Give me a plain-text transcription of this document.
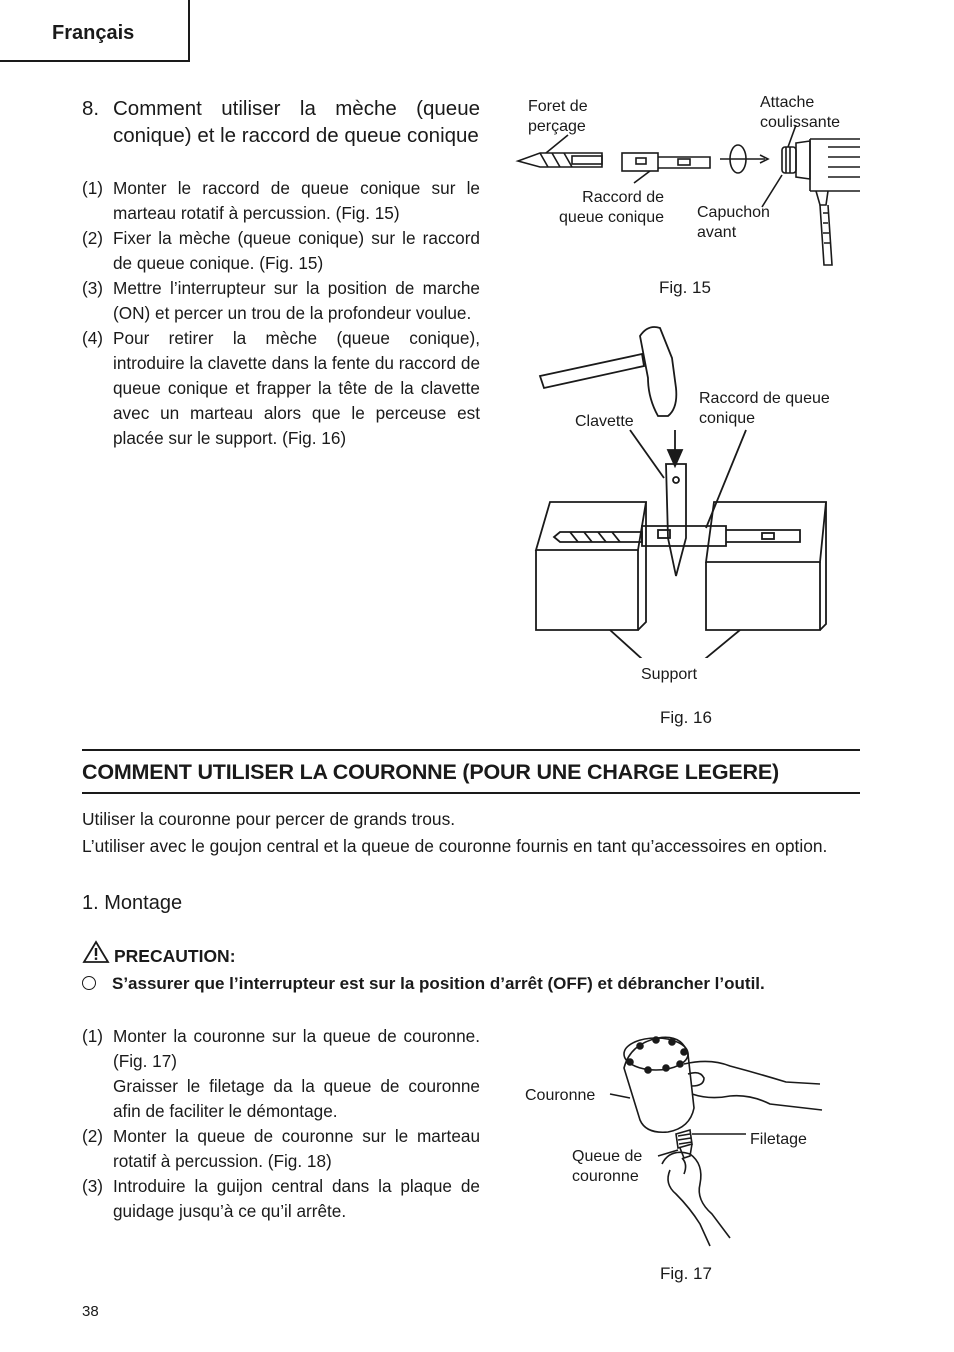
Français
8. Comment utiliser la mèche (queue conique) et le raccord de queue conique

(1) Monter le raccord de queue conique sur le marteau rotatif à percussion. (Fig. 15)

(2) Fixer la mèche (queue conique) sur le raccord de queue conique. (Fig. 15)

(3) Mettre l’interrupteur sur la position de marche (ON) et percer un trou de la profondeur voulue.

(4) Pour retirer la mèche (queue conique), introduire la clavette dans la fente du raccord de queue conique et frapper la tête de la clavette avec un marteau alors que le perceuse est placée sur le support. (Fig. 16)

Foret de
perçage
Attache
coulissante
Raccord de
queue conique Capuchon
avant
Fig. 15
Clavette
Raccord de queue
conique
Support
Fig. 16
COMMENT UTILISER LA COURONNE (POUR UNE CHARGE LEGERE)
Utiliser la couronne pour percer de grands trous.
L’utiliser avec le goujon central et la queue de couronne fournis en tant qu’accessoires en option.
1. Montage
PRECAUTION:
S’assurer que l’interrupteur est sur la position d’arrêt (OFF) et débrancher l’outil.

(1) Monter la couronne sur la queue de couronne. (Fig. 17)

Graisser le filetage da la queue de couronne afin de faciliter le démontage.

(2) Monter la queue de couronne sur le marteau rotatif à percussion. (Fig. 18)

(3) Introduire la guijon central dans la plaque de guidage jusqu’à ce qu’il arrête.

Couronne
Filetage
Queue de
couronne
Fig. 17
38
